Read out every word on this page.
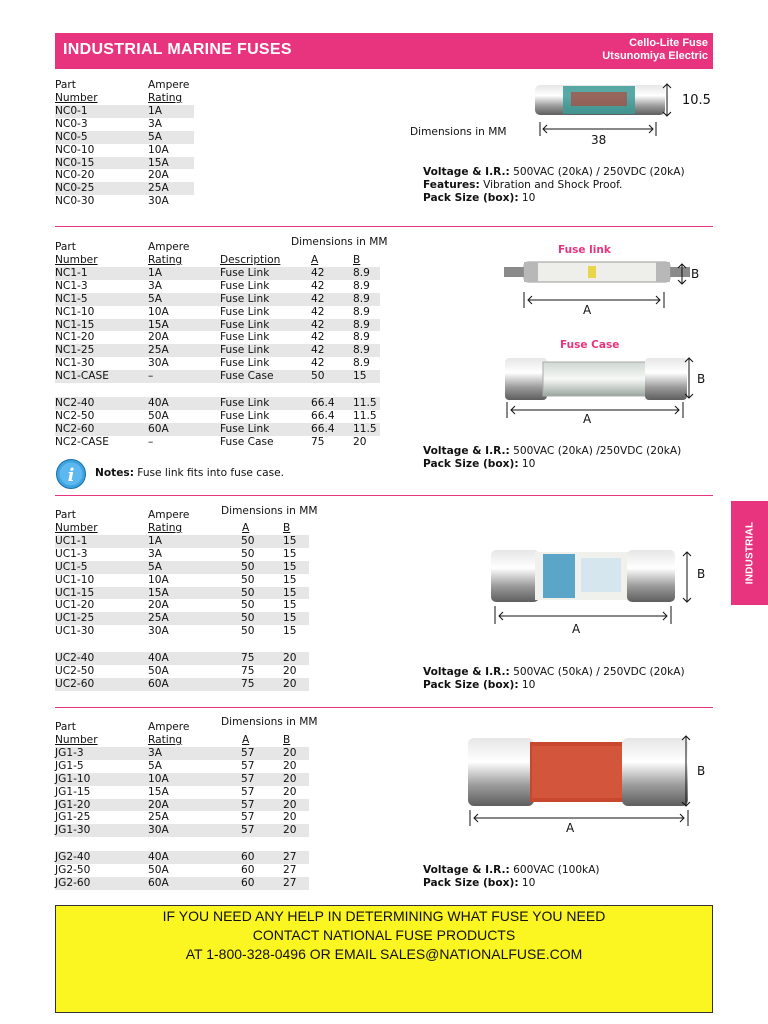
INDUSTRIAL MARINE FUSES	Cello-Lite Fuse
Utsunomiya Electric
INDUSTRIAL
Part
Number
Ampere
Rating
NC0-1	1A
NC0-3	3A
NC0-5	5A
NC0-10	10A
NC0-15	15A
NC0-20	20A
NC0-25	25A
NC0-30	30A
Dimensions in MM
10.5
38
Voltage & I.R.: 500VAC (20kA) / 250VDC (20kA)
Features: Vibration and Shock Proof.
Pack Size (box): 10
Part
Number
Ampere
Rating	Description
Dimensions in MM
A	B
NC1-1	1A	Fuse Link	42	8.9
NC1-3	3A	Fuse Link	42	8.9
NC1-5	5A	Fuse Link	42	8.9
NC1-10	10A	Fuse Link	42	8.9
NC1-15	15A	Fuse Link	42	8.9
NC1-20	20A	Fuse Link	42	8.9
NC1-25	25A	Fuse Link	42	8.9
NC1-30	30A	Fuse Link	42	8.9
NC1-CASE	–	Fuse Case	50	15
NC2-40	40A	Fuse Link	66.4 11.5
NC2-50	50A	Fuse Link	66.4 11.5
NC2-60	60A	Fuse Link	66.4 11.5
NC2-CASE	–	Fuse Case	75	20
Fuse link
B
A
Fuse Case
B
A
Voltage & I.R.: 500VAC (20kA) /250VDC (20kA)
Pack Size (box): 10
i Notes: Fuse link fits into fuse case.
Part
Number
Ampere
Rating
Dimensions in MM
A	B
UC1-1	1A	50	15
UC1-3	3A	50	15
UC1-5	5A	50	15
UC1-10	10A	50	15
UC1-15	15A	50	15
UC1-20	20A	50	15
UC1-25	25A	50	15
UC1-30	30A	50	15
UC2-40	40A	75	20
UC2-50	50A	75	20
UC2-60	60A	75	20
B
A
Voltage & I.R.: 500VAC (50kA) / 250VDC (20kA)
Pack Size (box): 10
Part
Number
Ampere
Rating
Dimensions in MM
A	B
JG1-3	3A	57	20
JG1-5	5A	57	20
JG1-10	10A	57	20
JG1-15	15A	57	20
JG1-20	20A	57	20
JG1-25	25A	57	20
JG1-30	30A	57	20
JG2-40	40A	60	27
JG2-50	50A	60	27
JG2-60	60A	60	27
B
A
Voltage & I.R.: 600VAC (100kA)
Pack Size (box): 10
IF YOU NEED ANY HELP IN DETERMINING WHAT FUSE YOU NEED
CONTACT NATIONAL FUSE PRODUCTS
AT 1-800-328-0496 OR EMAIL SALES@NATIONALFUSE.COM
